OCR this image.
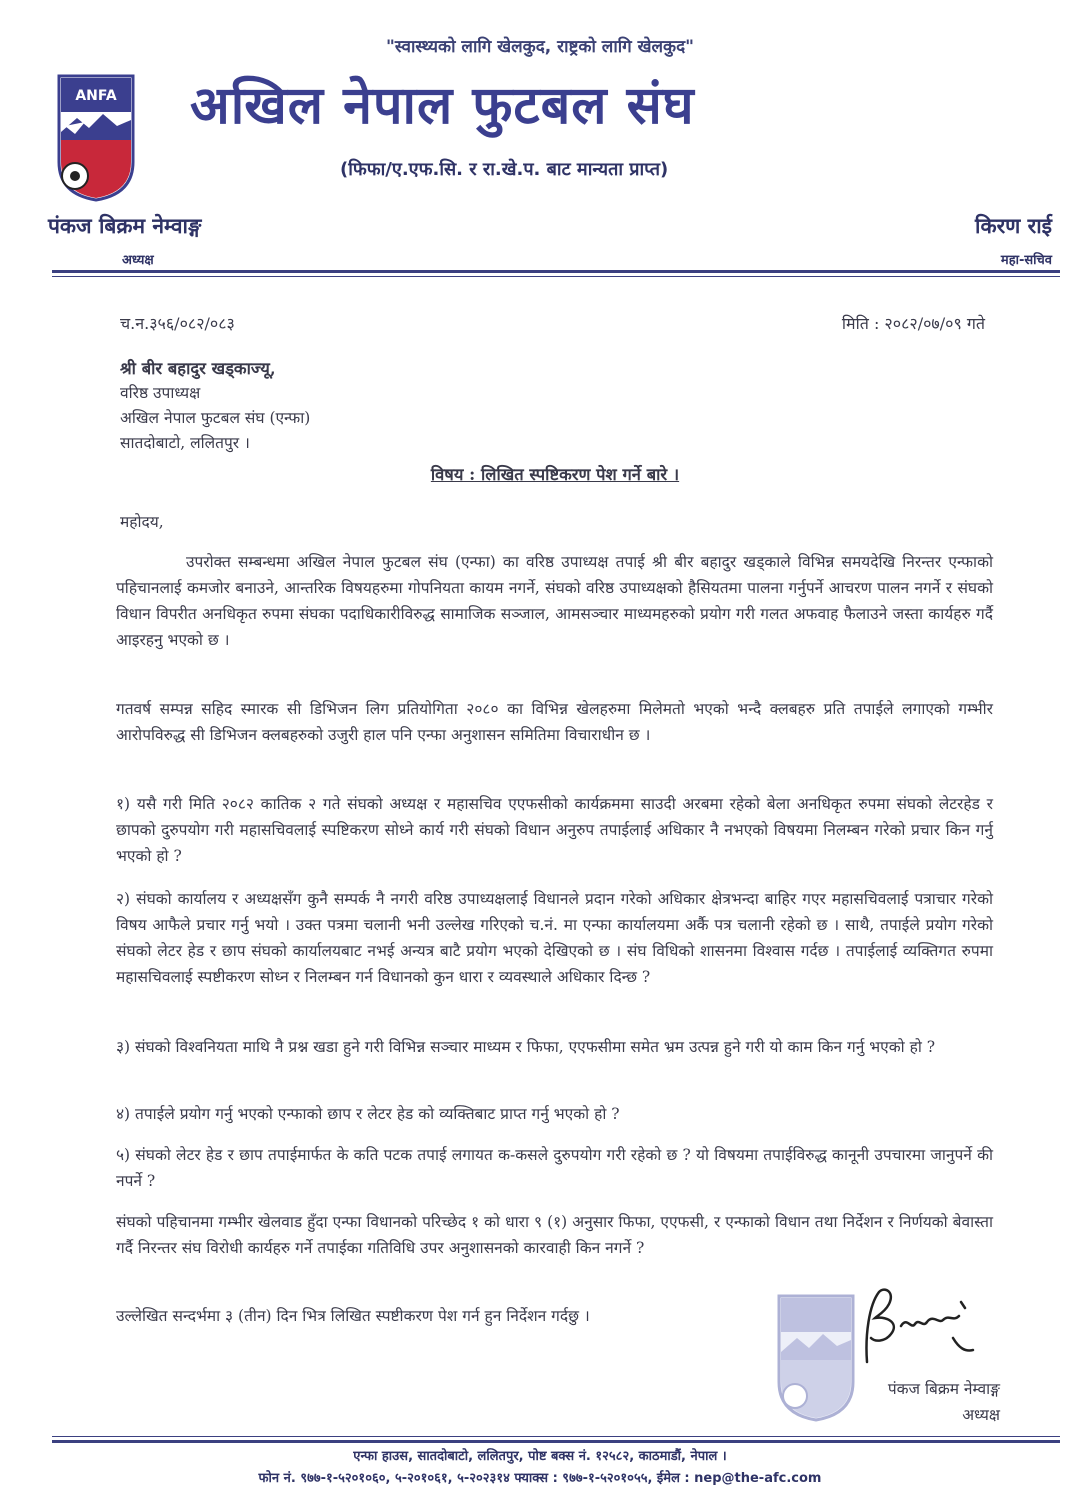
"स्वास्थ्यको लागि खेलकुद, राष्ट्रको लागि खेलकुद"
ANFA अखिल नेपाल फुटबल संघ
(फिफा/ए.एफ.सि. र रा.खे.प. बाट मान्यता प्राप्त)
पंकज बिक्रम नेम्वाङ्ग
अध्यक्ष
किरण राई
महा-सचिव
च.न.३५६/०८२/०८३	मिति : २०८२/०७/०९ गते
श्री बीर बहादुर खड्काज्यू,
वरिष्ठ उपाध्यक्ष
अखिल नेपाल फुटबल संघ (एन्फा)
सातदोबाटो, ललितपुर ।
विषय : लिखित स्पष्टिकरण पेश गर्ने बारे ।
महोदय,
उपरोक्त सम्बन्धमा अखिल नेपाल फुटबल संघ (एन्फा) का वरिष्ठ उपाध्यक्ष तपाई श्री बीर बहादुर खड्काले विभिन्न समयदेखि निरन्तर एन्फाको पहिचानलाई कमजोर बनाउने, आन्तरिक विषयहरुमा गोपनियता कायम नगर्ने, संघको वरिष्ठ उपाध्यक्षको हैसियतमा पालना गर्नुपर्ने आचरण पालन नगर्ने र संघको विधान विपरीत अनधिकृत रुपमा संघका पदाधिकारीविरुद्ध सामाजिक सञ्जाल, आमसञ्चार माध्यमहरुको प्रयोग गरी गलत अफवाह फैलाउने जस्ता कार्यहरु गर्दै आइरहनु भएको छ ।
गतवर्ष सम्पन्न सहिद स्मारक सी डिभिजन लिग प्रतियोगिता २०८० का विभिन्न खेलहरुमा मिलेमतो भएको भन्दै क्लबहरु प्रति तपाईले लगाएको गम्भीर आरोपविरुद्ध सी डिभिजन क्लबहरुको उजुरी हाल पनि एन्फा अनुशासन समितिमा विचाराधीन छ ।
१) यसै गरी मिति २०८२ कातिक २ गते संघको अध्यक्ष र महासचिव एएफसीको कार्यक्रममा साउदी अरबमा रहेको बेला अनधिकृत रुपमा संघको लेटरहेड र छापको दुरुपयोग गरी महासचिवलाई स्पष्टिकरण सोध्ने कार्य गरी संघको विधान अनुरुप तपाईलाई अधिकार नै नभएको विषयमा निलम्बन गरेको प्रचार किन गर्नु भएको हो ?
२) संघको कार्यालय र अध्यक्षसँग कुनै सम्पर्क नै नगरी वरिष्ठ उपाध्यक्षलाई विधानले प्रदान गरेको अधिकार क्षेत्रभन्दा बाहिर गएर महासचिवलाई पत्राचार गरेको विषय आफैले प्रचार गर्नु भयो । उक्त पत्रमा चलानी भनी उल्लेख गरिएको च.नं. मा एन्फा कार्यालयमा अर्कै पत्र चलानी रहेको छ । साथै, तपाईले प्रयोग गरेको संघको लेटर हेड र छाप संघको कार्यालयबाट नभई अन्यत्र बाटै प्रयोग भएको देखिएको छ । संघ विधिको शासनमा विश्वास गर्दछ । तपाईलाई व्यक्तिगत रुपमा महासचिवलाई स्पष्टीकरण सोध्न र निलम्बन गर्न विधानको कुन धारा र व्यवस्थाले अधिकार दिन्छ ?
३) संघको विश्वनियता माथि नै प्रश्न खडा हुने गरी विभिन्न सञ्चार माध्यम र फिफा, एएफसीमा समेत भ्रम उत्पन्न हुने गरी यो काम किन गर्नु भएको हो ?
४) तपाईले प्रयोग गर्नु भएको एन्फाको छाप र लेटर हेड को व्यक्तिबाट प्राप्त गर्नु भएको हो ?
५) संघको लेटर हेड र छाप तपाईमार्फत के कति पटक तपाई लगायत क-कसले दुरुपयोग गरी रहेको छ ? यो विषयमा तपाईविरुद्ध कानूनी उपचारमा जानुपर्ने की नपर्ने ?
संघको पहिचानमा गम्भीर खेलवाड हुँदा एन्फा विधानको परिच्छेद १ को धारा ९ (१) अनुसार फिफा, एएफसी, र एन्फाको विधान तथा निर्देशन र निर्णयको बेवास्ता गर्दै निरन्तर संघ विरोधी कार्यहरु गर्ने तपाईका गतिविधि उपर अनुशासनको कारवाही किन नगर्ने ?
उल्लेखित सन्दर्भमा ३ (तीन) दिन भित्र लिखित स्पष्टीकरण पेश गर्न हुन निर्देशन गर्दछु ।
पंकज बिक्रम नेम्वाङ्ग
अध्यक्ष
एन्फा हाउस, सातदोबाटो, ललितपुर, पोष्ट बक्स नं. १२५८२, काठमाडौं, नेपाल ।
फोन नं. ९७७-१-५२०१०६०, ५-२०१०६१, ५-२०२३१४ फ्याक्स : ९७७-१-५२०१०५५, ईमेल : nep@the-afc.com
